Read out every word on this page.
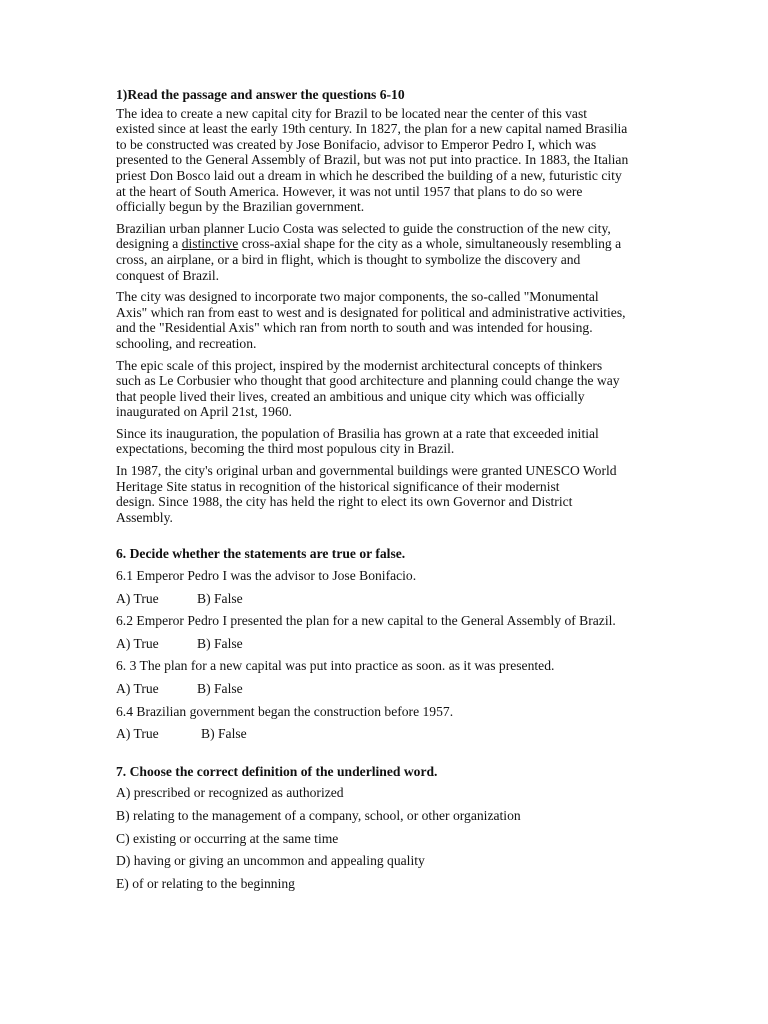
1)Read the passage and answer the questions 6-10
The idea to create a new capital city for Brazil to be located near the center of this vast
existed since at least the early 19th century. In 1827, the plan for a new capital named Brasilia
to be constructed was created by Jose Bonifacio, advisor to Emperor Pedro I, which was
presented to the General Assembly of Brazil, but was not put into practice. In 1883, the Italian
priest Don Bosco laid out a dream in which he described the building of a new, futuristic city
at the heart of South America. However, it was not until 1957 that plans to do so were
officially begun by the Brazilian government.
Brazilian urban planner Lucio Costa was selected to guide the construction of the new city,
designing a distinctive cross-axial shape for the city as a whole, simultaneously resembling a
cross, an airplane, or a bird in flight, which is thought to symbolize the discovery and
conquest of Brazil.
The city was designed to incorporate two major components, the so-called "Monumental
Axis" which ran from east to west and is designated for political and administrative activities,
and the "Residential Axis" which ran from north to south and was intended for housing.
schooling, and recreation.
The epic scale of this project, inspired by the modernist architectural concepts of thinkers
such as Le Corbusier who thought that good architecture and planning could change the way
that people lived their lives, created an ambitious and unique city which was officially
inaugurated on April 21st, 1960.
Since its inauguration, the population of Brasilia has grown at a rate that exceeded initial
expectations, becoming the third most populous city in Brazil.
In 1987, the city's original urban and governmental buildings were granted UNESCO World
Heritage Site status in recognition of the historical significance of their modernist
design. Since 1988, the city has held the right to elect its own Governor and District
Assembly.
6. Decide whether the statements are true or false.
6.1 Emperor Pedro I was the advisor to Jose Bonifacio.
A) True	B) False
6.2 Emperor Pedro I presented the plan for a new capital to the General Assembly of Brazil.
A) True	B) False
6. 3 The plan for a new capital was put into practice as soon. as it was presented.
A) True	B) False
6.4 Brazilian government began the construction before 1957.
A) True	B) False
7. Choose the correct definition of the underlined word.
A) prescribed or recognized as authorized
B) relating to the management of a company, school, or other organization
C) existing or occurring at the same time
D) having or giving an uncommon and appealing quality
E) of or relating to the beginning
